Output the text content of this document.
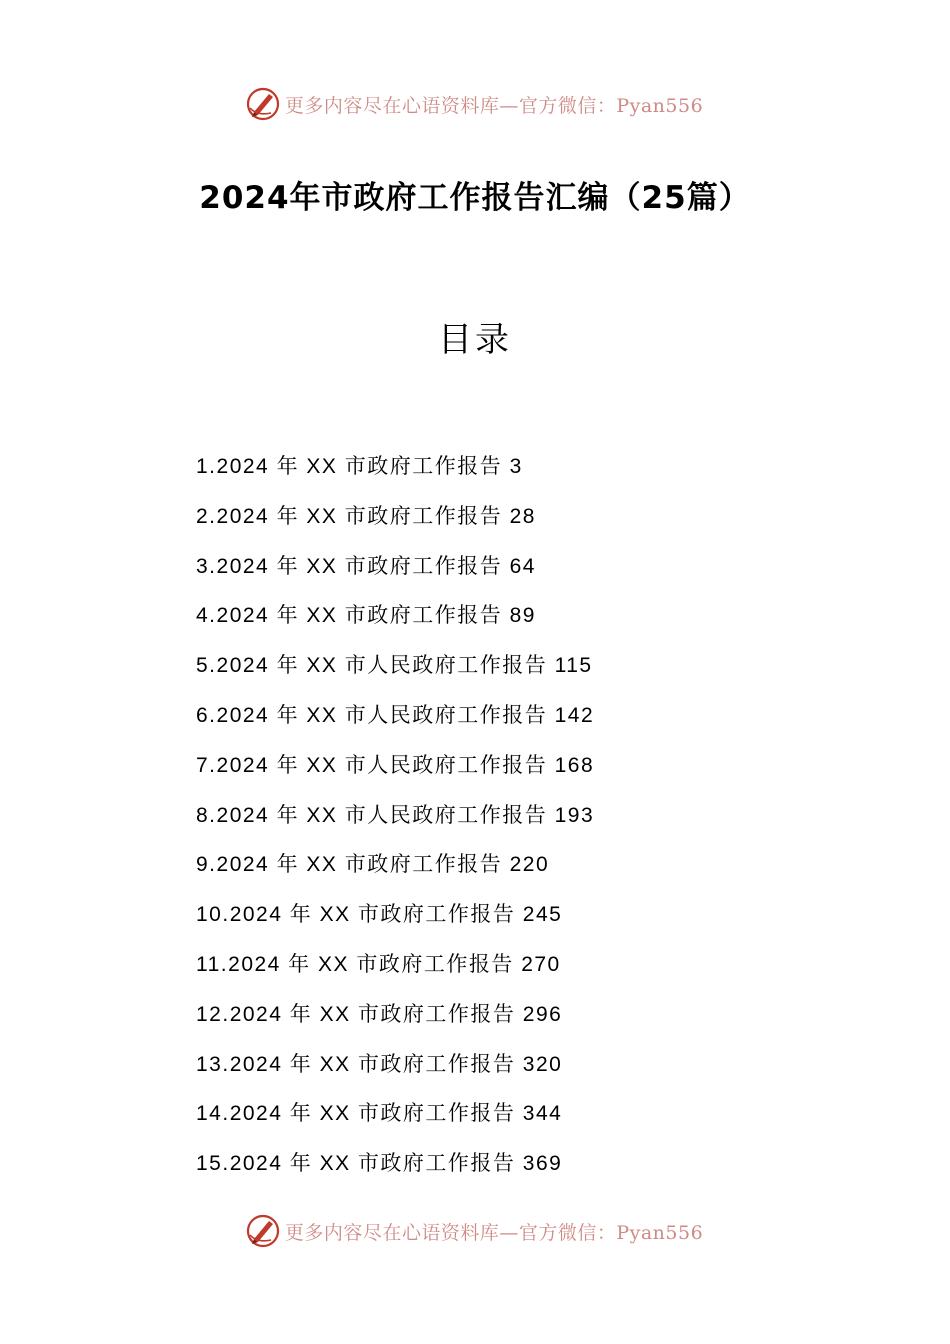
更多内容尽在心语资料库—官方微信：Pyan556
2024年市政府工作报告汇编（25篇）
目录
1.2024 年 XX 市政府工作报告 3
2.2024 年 XX 市政府工作报告 28
3.2024 年 XX 市政府工作报告 64
4.2024 年 XX 市政府工作报告 89
5.2024 年 XX 市人民政府工作报告 115
6.2024 年 XX 市人民政府工作报告 142
7.2024 年 XX 市人民政府工作报告 168
8.2024 年 XX 市人民政府工作报告 193
9.2024 年 XX 市政府工作报告 220
10.2024 年 XX 市政府工作报告 245
11.2024 年 XX 市政府工作报告 270
12.2024 年 XX 市政府工作报告 296
13.2024 年 XX 市政府工作报告 320
14.2024 年 XX 市政府工作报告 344
15.2024 年 XX 市政府工作报告 369
更多内容尽在心语资料库—官方微信：Pyan556
